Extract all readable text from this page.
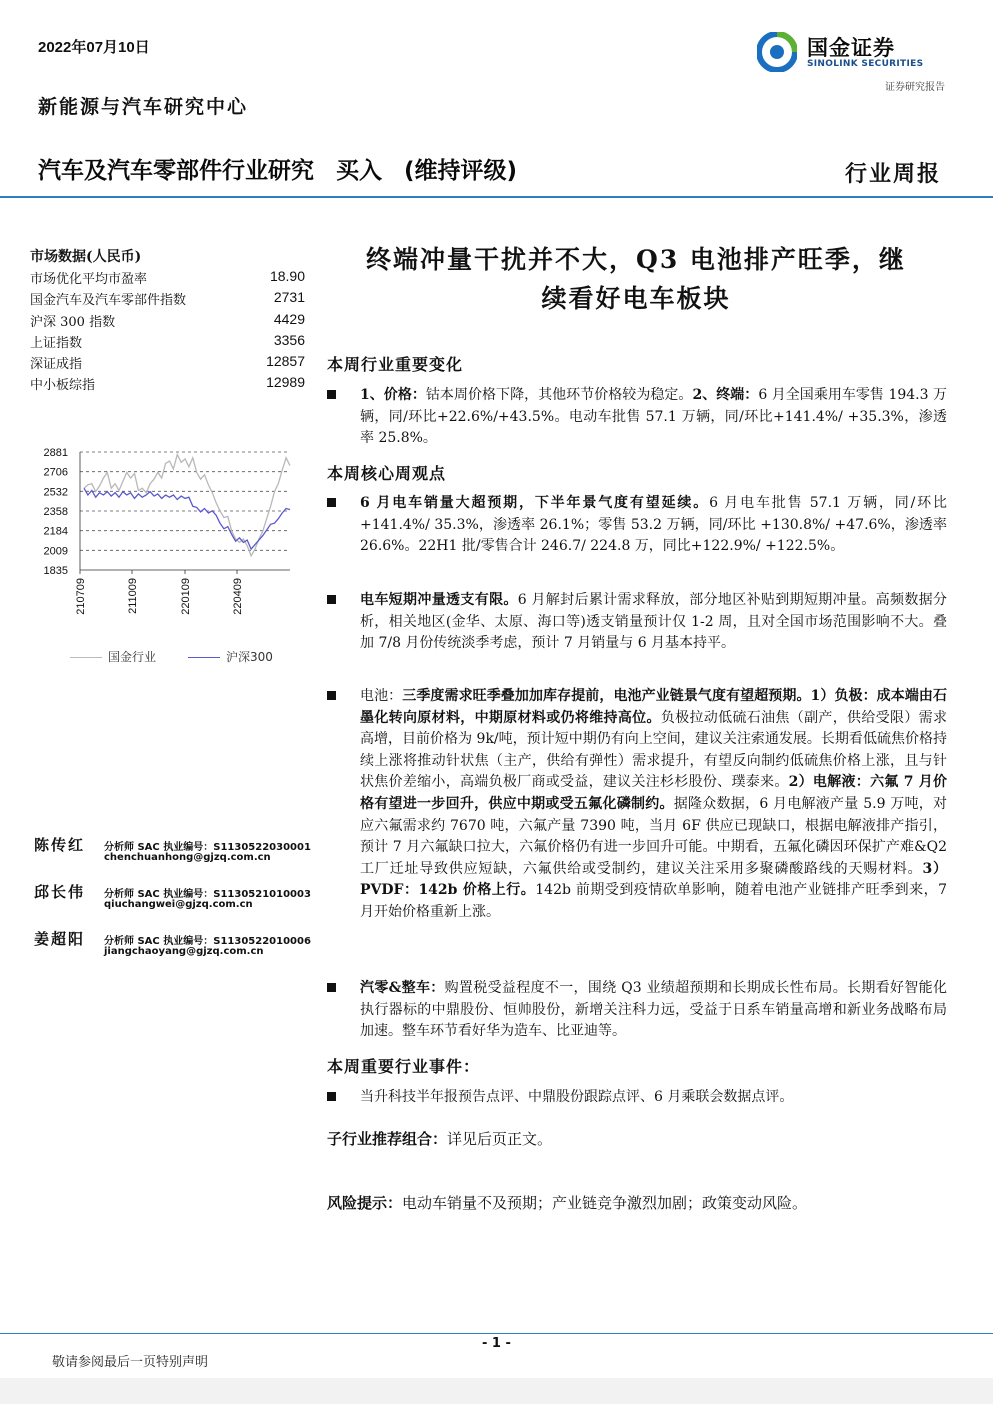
2022年07月10日
新能源与汽车研究中心
汽车及汽车零部件行业研究 买入 (维持评级)	行业周报
国金证券
SINOLINK SECURITIES
证券研究报告
市场数据(人民币)
市场优化平均市盈率	18.90
国金汽车及汽车零部件指数	2731
沪深 300 指数	4429
上证指数	3356
深证成指	12857
中小板综指	12989
2881
2706
2532
2358
2184
2009
1835
210709	211009	220109	220409
国金行业	沪深300
陈传红 分析师 SAC 执业编号：S1130522030001
chenchuanhong@gjzq.com.cn
邱长伟 分析师 SAC 执业编号：S1130521010003
qiuchangwei@gjzq.com.cn
姜超阳 分析师 SAC 执业编号：S1130522010006
jiangchaoyang@gjzq.com.cn
终端冲量干扰并不大，Q3 电池排产旺季，继
续看好电车板块
本周行业重要变化
1、价格：钴本周价格下降，其他环节价格较为稳定。2、终端：6 月全国乘用车零售 194.3 万辆，同/环比+22.6%/+43.5%。电动车批售 57.1 万辆，同/环比+141.4%/ +35.3%，渗透率 25.8%。
本周核心周观点
6 月电车销量大超预期，下半年景气度有望延续。6 月电车批售 57.1 万辆，同/环比 +141.4%/ 35.3%，渗透率 26.1%；零售 53.2 万辆，同/环比 +130.8%/ +47.6%，渗透率 26.6%。22H1 批/零售合计 246.7/ 224.8 万，同比+122.9%/ +122.5%。
电车短期冲量透支有限。6 月解封后累计需求释放，部分地区补贴到期短期冲量。高频数据分析，相关地区(金华、太原、海口等)透支销量预计仅 1-2 周，且对全国市场范围影响不大。叠加 7/8 月份传统淡季考虑，预计 7 月销量与 6 月基本持平。
电池：三季度需求旺季叠加加库存提前，电池产业链景气度有望超预期。1）负极：成本端由石墨化转向原材料，中期原材料或仍将维持高位。负极拉动低硫石油焦（副产，供给受限）需求高增，目前价格为 9k/吨，预计短中期仍有向上空间，建议关注索通发展。长期看低硫焦价格持续上涨将推动针状焦（主产，供给有弹性）需求提升，有望反向制约低硫焦价格上涨，且与针状焦价差缩小，高端负极厂商或受益，建议关注杉杉股份、璞泰来。2）电解液：六氟 7 月价格有望进一步回升，供应中期或受五氟化磷制约。据隆众数据，6 月电解液产量 5.9 万吨，对应六氟需求约 7670 吨，六氟产量 7390 吨，当月 6F 供应已现缺口，根据电解液排产指引，预计 7 月六氟缺口拉大，六氟价格仍有进一步回升可能。中期看，五氟化磷因环保扩产难&Q2 工厂迁址导致供应短缺，六氟供给或受制约，建议关注采用多聚磷酸路线的天赐材料。3）PVDF：142b 价格上行。142b 前期受到疫情砍单影响，随着电池产业链排产旺季到来，7 月开始价格重新上涨。
汽零&整车：购置税受益程度不一，围绕 Q3 业绩超预期和长期成长性布局。长期看好智能化执行器标的中鼎股份、恒帅股份，新增关注科力远，受益于日系车销量高增和新业务战略布局加速。整车环节看好华为造车、比亚迪等。
本周重要行业事件：
当升科技半年报预告点评、中鼎股份跟踪点评、6 月乘联会数据点评。
子行业推荐组合：详见后页正文。
风险提示：电动车销量不及预期；产业链竞争激烈加剧；政策变动风险。
- 1 -
敬请参阅最后一页特别声明
